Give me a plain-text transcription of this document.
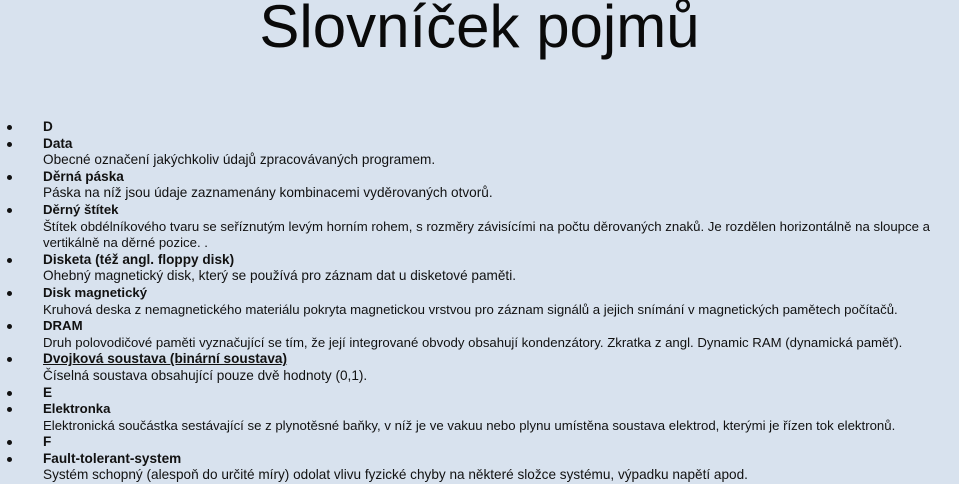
Slovníček pojmů
D
Data
Obecné označení jakýchkoliv údajů zpracovávaných programem.
Děrná páska
Páska na níž jsou údaje zaznamenány kombinacemi vyděrovaných otvorů.
Děrný štítek
Štítek obdélníkového tvaru se seříznutým levým horním rohem, s rozměry závisícími na počtu děrovaných znaků. Je rozdělen horizontálně na sloupce a vertikálně na děrné pozice. .
Disketa (též angl. floppy disk)
Ohebný magnetický disk, který se používá pro záznam dat u disketové paměti.
Disk magnetický
Kruhová deska z nemagnetického materiálu pokryta magnetickou vrstvou pro záznam signálů a jejich snímání v magnetických pamětech počítačů.
DRAM
Druh polovodičové paměti vyznačující se tím, že její integrované obvody obsahují kondenzátory. Zkratka z angl. Dynamic RAM (dynamická paměť).
Dvojková soustava (binární soustava)
Číselná soustava obsahující pouze dvě hodnoty (0,1).
E
Elektronka
Elektronická součástka sestávající se z plynotěsné baňky, v níž je ve vakuu nebo plynu umístěna soustava elektrod, kterými je řízen tok elektronů.
F
Fault-tolerant-system
Systém schopný (alespoň do určité míry) odolat vlivu fyzické chyby na některé složce systému, výpadku napětí apod.
